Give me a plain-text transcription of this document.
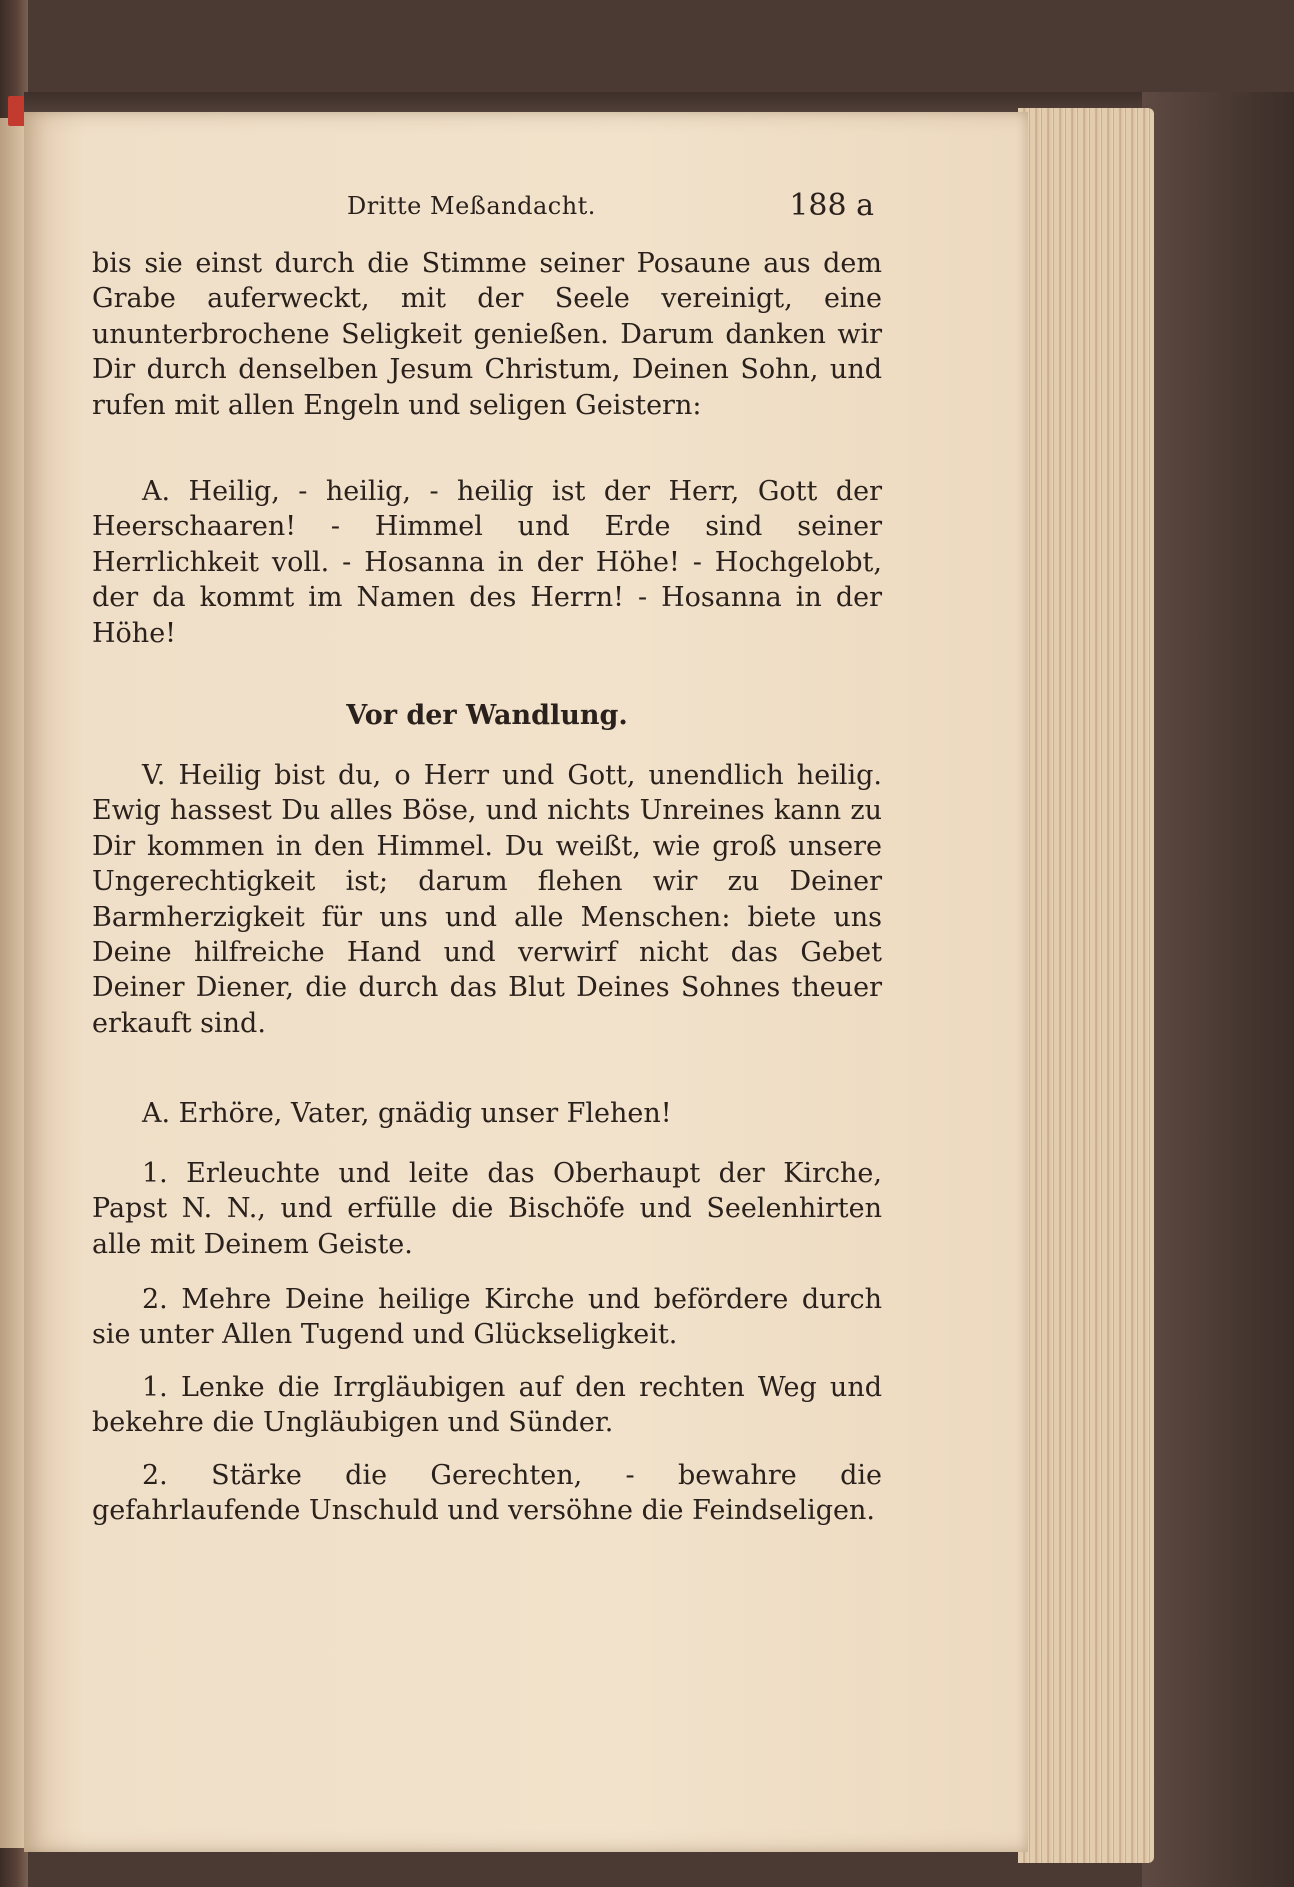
Dritte Meßandacht.	188 a

bis sie einst durch die Stimme seiner Posaune aus dem Grabe auferweckt, mit der Seele vereinigt, eine ununterbrochene Seligkeit genießen. Darum danken wir Dir durch denselben Jesum Christum, Deinen Sohn, und rufen mit allen Engeln und seligen Geistern:

A. Heilig, - heilig, - heilig ist der Herr, Gott der Heerschaaren! - Himmel und Erde sind seiner Herrlichkeit voll. - Hosanna in der Höhe! - Hochgelobt, der da kommt im Namen des Herrn! - Hosanna in der Höhe!

Vor der Wandlung.

V. Heilig bist du, o Herr und Gott, unendlich heilig. Ewig hassest Du alles Böse, und nichts Unreines kann zu Dir kommen in den Himmel. Du weißt, wie groß unsere Ungerechtigkeit ist; darum flehen wir zu Deiner Barmherzigkeit für uns und alle Menschen: biete uns Deine hilfreiche Hand und verwirf nicht das Gebet Deiner Diener, die durch das Blut Deines Sohnes theuer erkauft sind.

A. Erhöre, Vater, gnädig unser Flehen!

1. Erleuchte und leite das Oberhaupt der Kirche, Papst N. N., und erfülle die Bischöfe und Seelenhirten alle mit Deinem Geiste.

2. Mehre Deine heilige Kirche und befördere durch sie unter Allen Tugend und Glückseligkeit.

1. Lenke die Irrgläubigen auf den rechten Weg und bekehre die Ungläubigen und Sünder.

2. Stärke die Gerechten, - bewahre die gefahrlaufende Unschuld und versöhne die Feindseligen.
